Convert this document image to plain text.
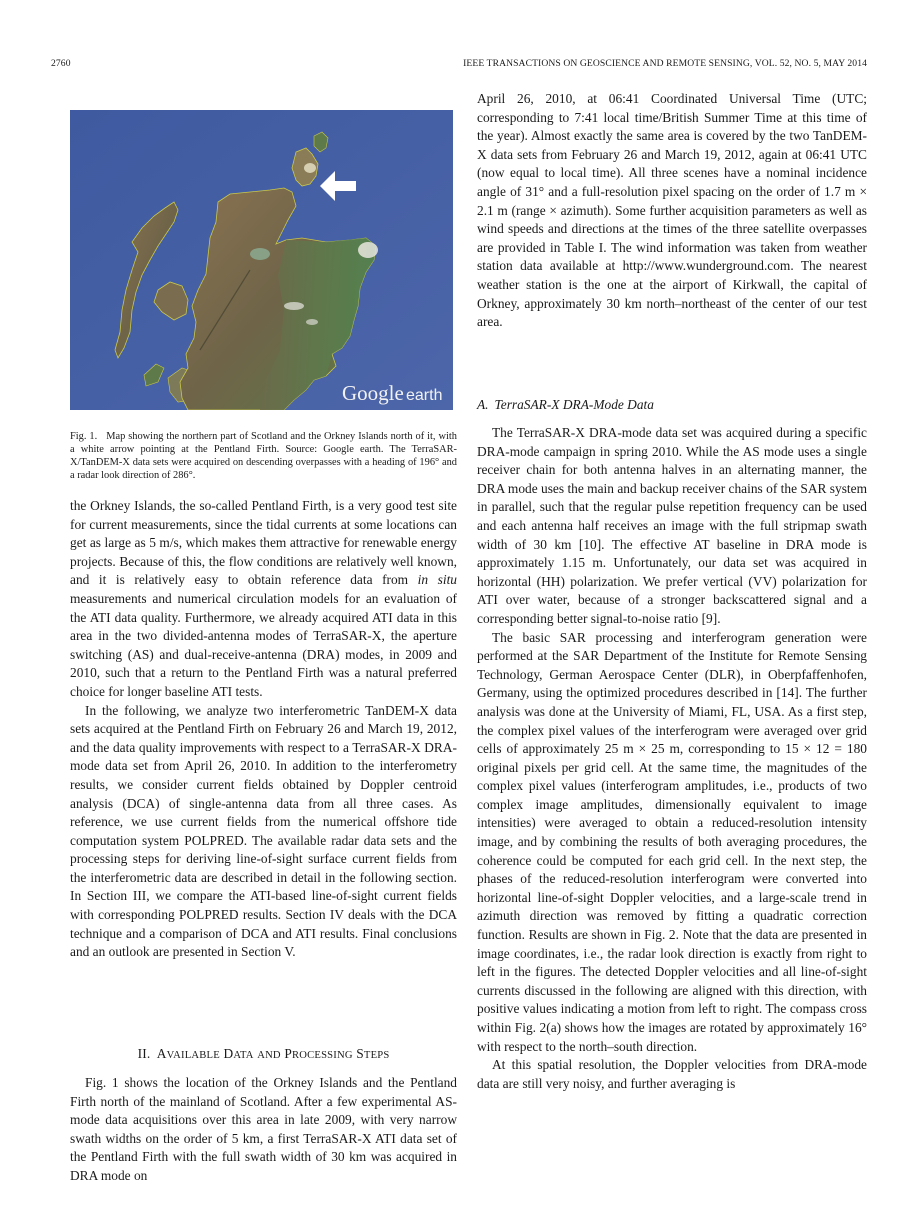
2760	IEEE TRANSACTIONS ON GEOSCIENCE AND REMOTE SENSING, VOL. 52, NO. 5, MAY 2014
Google earth
Fig. 1. Map showing the northern part of Scotland and the Orkney Islands north of it, with a white arrow pointing at the Pentland Firth. Source: Google earth. The TerraSAR-X/TanDEM-X data sets were acquired on descending overpasses with a heading of 196° and a radar look direction of 286°.

the Orkney Islands, the so-called Pentland Firth, is a very good test site for current measurements, since the tidal currents at some locations can get as large as 5 m/s, which makes them attractive for renewable energy projects. Because of this, the flow conditions are relatively well known, and it is relatively easy to obtain reference data from in situ measurements and numerical circulation models for an evaluation of the ATI data quality. Furthermore, we already acquired ATI data in this area in the two divided-antenna modes of TerraSAR-X, the aperture switching (AS) and dual-receive-antenna (DRA) modes, in 2009 and 2010, such that a return to the Pentland Firth was a natural preferred choice for longer baseline ATI tests.

In the following, we analyze two interferometric TanDEM-X data sets acquired at the Pentland Firth on February 26 and March 19, 2012, and the data quality improvements with respect to a TerraSAR-X DRA-mode data set from April 26, 2010. In addition to the interferometry results, we consider current fields obtained by Doppler centroid analysis (DCA) of single-antenna data from all three cases. As reference, we use current fields from the numerical offshore tide computation system POLPRED. The available radar data sets and the processing steps for deriving line-of-sight surface current fields from the interferometric data are described in detail in the following section. In Section III, we compare the ATI-based line-of-sight current fields with corresponding POLPRED results. Section IV deals with the DCA technique and a comparison of DCA and ATI results. Final conclusions and an outlook are presented in Section V.

II. AVAILABLE DATA AND PROCESSING STEPS

Fig. 1 shows the location of the Orkney Islands and the Pentland Firth north of the mainland of Scotland. After a few experimental AS-mode data acquisitions over this area in late 2009, with very narrow swath widths on the order of 5 km, a first TerraSAR-X ATI data set of the Pentland Firth with the full swath width of 30 km was acquired in DRA mode on

April 26, 2010, at 06:41 Coordinated Universal Time (UTC; corresponding to 7:41 local time/British Summer Time at this time of the year). Almost exactly the same area is covered by the two TanDEM-X data sets from February 26 and March 19, 2012, again at 06:41 UTC (now equal to local time). All three scenes have a nominal incidence angle of 31° and a full-resolution pixel spacing on the order of 1.7 m × 2.1 m (range × azimuth). Some further acquisition parameters as well as wind speeds and directions at the times of the three satellite overpasses are provided in Table I. The wind information was taken from weather station data available at http://www.wunderground.com. The nearest weather station is the one at the airport of Kirkwall, the capital of Orkney, approximately 30 km north–northeast of the center of our test area.

A. TerraSAR-X DRA-Mode Data

The TerraSAR-X DRA-mode data set was acquired during a specific DRA-mode campaign in spring 2010. While the AS mode uses a single receiver chain for both antenna halves in an alternating manner, the DRA mode uses the main and backup receiver chains of the SAR system in parallel, such that the regular pulse repetition frequency can be used and each antenna half receives an image with the full stripmap swath width of 30 km [10]. The effective AT baseline in DRA mode is approximately 1.15 m. Unfortunately, our data set was acquired in horizontal (HH) polarization. We prefer vertical (VV) polarization for ATI over water, because of a stronger backscattered signal and a corresponding better signal-to-noise ratio [9].

The basic SAR processing and interferogram generation were performed at the SAR Department of the Institute for Remote Sensing Technology, German Aerospace Center (DLR), in Oberpfaffenhofen, Germany, using the optimized procedures described in [14]. The further analysis was done at the University of Miami, FL, USA. As a first step, the complex pixel values of the interferogram were averaged over grid cells of approximately 25 m × 25 m, corresponding to 15 × 12 = 180 original pixels per grid cell. At the same time, the magnitudes of the complex pixel values (interferogram amplitudes, i.e., products of two complex image amplitudes, dimensionally equivalent to image intensities) were averaged to obtain a reduced-resolution intensity image, and by combining the results of both averaging procedures, the coherence could be computed for each grid cell. In the next step, the phases of the reduced-resolution interferogram were converted into horizontal line-of-sight Doppler velocities, and a large-scale trend in azimuth direction was removed by fitting a quadratic correction function. Results are shown in Fig. 2. Note that the data are presented in image coordinates, i.e., the radar look direction is exactly from right to left in the figures. The detected Doppler velocities and all line-of-sight currents discussed in the following are aligned with this direction, with positive values indicating a motion from left to right. The compass cross within Fig. 2(a) shows how the images are rotated by approximately 16° with respect to the north–south direction.

At this spatial resolution, the Doppler velocities from DRA-mode data are still very noisy, and further averaging is
